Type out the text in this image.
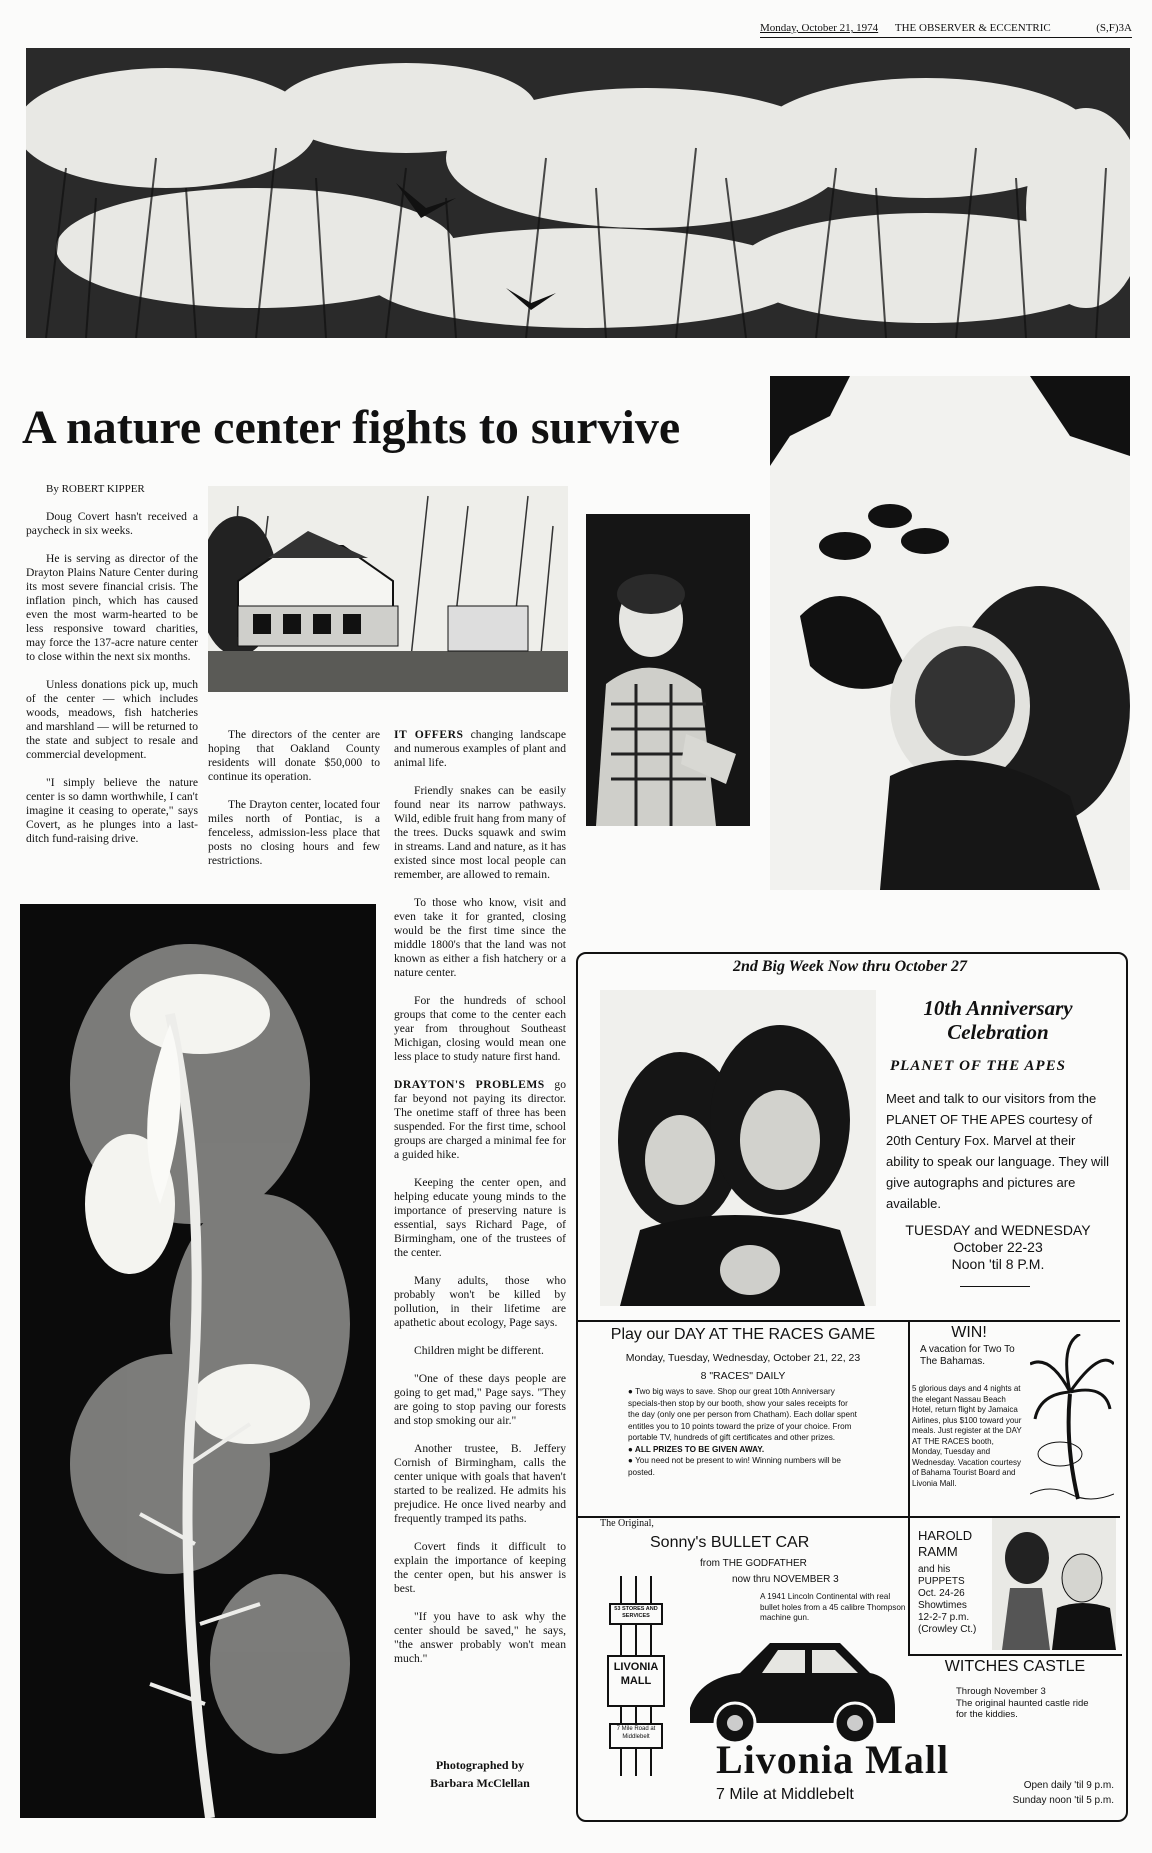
Monday, October 21, 1974 THE OBSERVER & ECCENTRIC	(S,F)3A
A nature center fights to survive

By ROBERT KIPPER

Doug Covert hasn't received a paycheck in six weeks.

He is serving as director of the Drayton Plains Nature Center during its most severe financial crisis. The inflation pinch, which has caused even the most warm-hearted to be less responsive toward charities, may force the 137-acre nature center to close within the next six months.

Unless donations pick up, much of the center — which includes woods, meadows, fish hatcheries and marshland — will be returned to the state and subject to resale and commercial development.

"I simply believe the nature center is so damn worthwhile, I can't imagine it ceasing to operate," says Covert, as he plunges into a last-ditch fund-raising drive.

The directors of the center are hoping that Oakland County residents will donate $50,000 to continue its operation.

The Drayton center, located four miles north of Pontiac, is a fenceless, admission-less place that posts no closing hours and few restrictions.

IT OFFERS changing landscape and numerous examples of plant and animal life.

Friendly snakes can be easily found near its narrow pathways. Wild, edible fruit hang from many of the trees. Ducks squawk and swim in streams. Land and nature, as it has existed since most local people can remember, are allowed to remain.

To those who know, visit and even take it for granted, closing would be the first time since the middle 1800's that the land was not known as either a fish hatchery or a nature center.

For the hundreds of school groups that come to the center each year from throughout Southeast Michigan, closing would mean one less place to study nature first hand.

DRAYTON'S PROBLEMS go far beyond not paying its director. The onetime staff of three has been suspended. For the first time, school groups are charged a minimal fee for a guided hike.

Keeping the center open, and helping educate young minds to the importance of preserving nature is essential, says Richard Page, of Birmingham, one of the trustees of the center.

Many adults, those who probably won't be killed by pollution, in their lifetime are apathetic about ecology, Page says.

Children might be different.

"One of these days people are going to get mad," Page says. "They are going to stop paving our forests and stop smoking our air."

Another trustee, B. Jeffery Cornish of Birmingham, calls the center unique with goals that haven't started to be realized. He admits his prejudice. He once lived nearby and frequently tramped its paths.

Covert finds it difficult to explain the importance of keeping the center open, but his answer is best.

"If you have to ask why the center should be saved," he says, "the answer probably won't mean much."

Photographed by
Barbara McClellan
2nd Big Week Now thru October 27
10th Anniversary
Celebration
PLANET OF THE APES
Meet and talk to our visitors from the PLANET OF THE APES courtesy of 20th Century Fox. Marvel at their ability to speak our language. They will give autographs and pictures are available.
TUESDAY and WEDNESDAY
October 22-23
Noon 'til 8 P.M.
Play our DAY AT THE RACES GAME
Monday, Tuesday, Wednesday, October 21, 22, 23
8 "RACES" DAILY
● Two big ways to save. Shop our great 10th Anniversary specials-then stop by our booth, show your sales receipts for the day (only one per person from Chatham). Each dollar spent entitles you to 10 points toward the prize of your choice. From portable TV, hundreds of gift certificates and other prizes.
● ALL PRIZES TO BE GIVEN AWAY.
● You need not be present to win! Winning numbers will be posted.
WIN!
A vacation for Two To The Bahamas.
5 glorious days and 4 nights at the elegant Nassau Beach Hotel, return flight by Jamaica Airlines, plus $100 toward your meals. Just register at the DAY AT THE RACES booth, Monday, Tuesday and Wednesday. Vacation courtesy of Bahama Tourist Board and Livonia Mall.
The Original,
Sonny's BULLET CAR
from THE GODFATHER
now thru NOVEMBER 3
A 1941 Lincoln Continental with real bullet holes from a 45 calibre Thompson machine gun.
53 STORES AND SERVICES
LIVONIA MALL
7 Mile Road at Middlebelt
HAROLD
RAMM
and his PUPPETS
Oct. 24-26
Showtimes
12-2-7 p.m.
(Crowley Ct.)
WITCHES CASTLE
Through November 3
The original haunted castle ride for the kiddies.
Livonia Mall
7 Mile at Middlebelt
Open daily 'til 9 p.m.
Sunday noon 'til 5 p.m.
